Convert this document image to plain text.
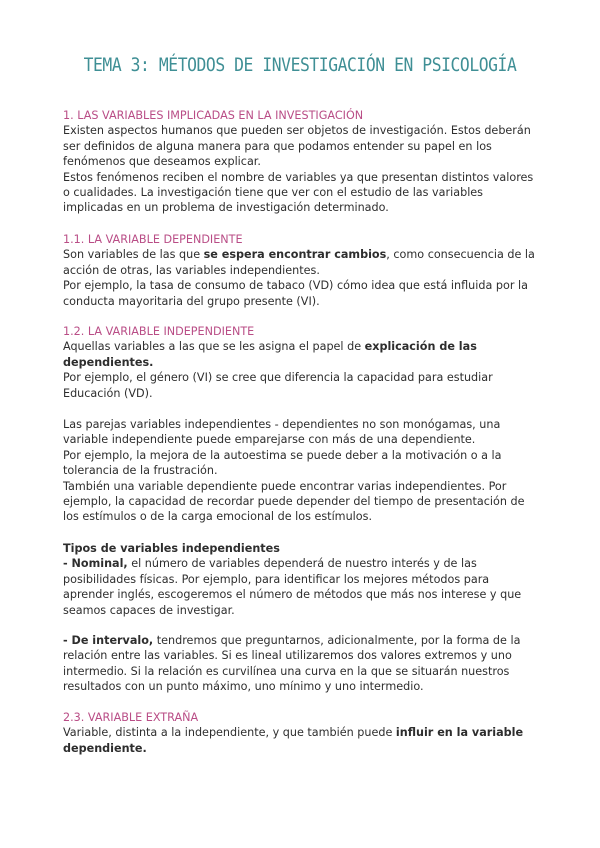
TEMA 3: MÉTODOS DE INVESTIGACIÓN EN PSICOLOGÍA

1. LAS VARIABLES IMPLICADAS EN LA INVESTIGACIÓN

Existen aspectos humanos que pueden ser objetos de investigación. Estos deberán ser definidos de alguna manera para que podamos entender su papel en los fenómenos que deseamos explicar.

Estos fenómenos reciben el nombre de variables ya que presentan distintos valores o cualidades. La investigación tiene que ver con el estudio de las variables implicadas en un problema de investigación determinado.

1.1. LA VARIABLE DEPENDIENTE

Son variables de las que se espera encontrar cambios, como consecuencia de la acción de otras, las variables independientes.

Por ejemplo, la tasa de consumo de tabaco (VD) cómo idea que está influida por la conducta mayoritaria del grupo presente (VI).

1.2. LA VARIABLE INDEPENDIENTE

Aquellas variables a las que se les asigna el papel de explicación de las dependientes.

Por ejemplo, el género (VI) se cree que diferencia la capacidad para estudiar Educación (VD).

Las parejas variables independientes - dependientes no son monógamas, una variable independiente puede emparejarse con más de una dependiente.

Por ejemplo, la mejora de la autoestima se puede deber a la motivación o a la tolerancia de la frustración.

También una variable dependiente puede encontrar varias independientes. Por ejemplo, la capacidad de recordar puede depender del tiempo de presentación de los estímulos o de la carga emocional de los estímulos.

Tipos de variables independientes

- Nominal, el número de variables dependerá de nuestro interés y de las posibilidades físicas. Por ejemplo, para identificar los mejores métodos para aprender inglés, escogeremos el número de métodos que más nos interese y que seamos capaces de investigar.

- De intervalo, tendremos que preguntarnos, adicionalmente, por la forma de la relación entre las variables. Si es lineal utilizaremos dos valores extremos y uno intermedio. Si la relación es curvilínea una curva en la que se situarán nuestros resultados con un punto máximo, uno mínimo y uno intermedio.

2.3. VARIABLE EXTRAÑA

Variable, distinta a la independiente, y que también puede influir en la variable dependiente.
